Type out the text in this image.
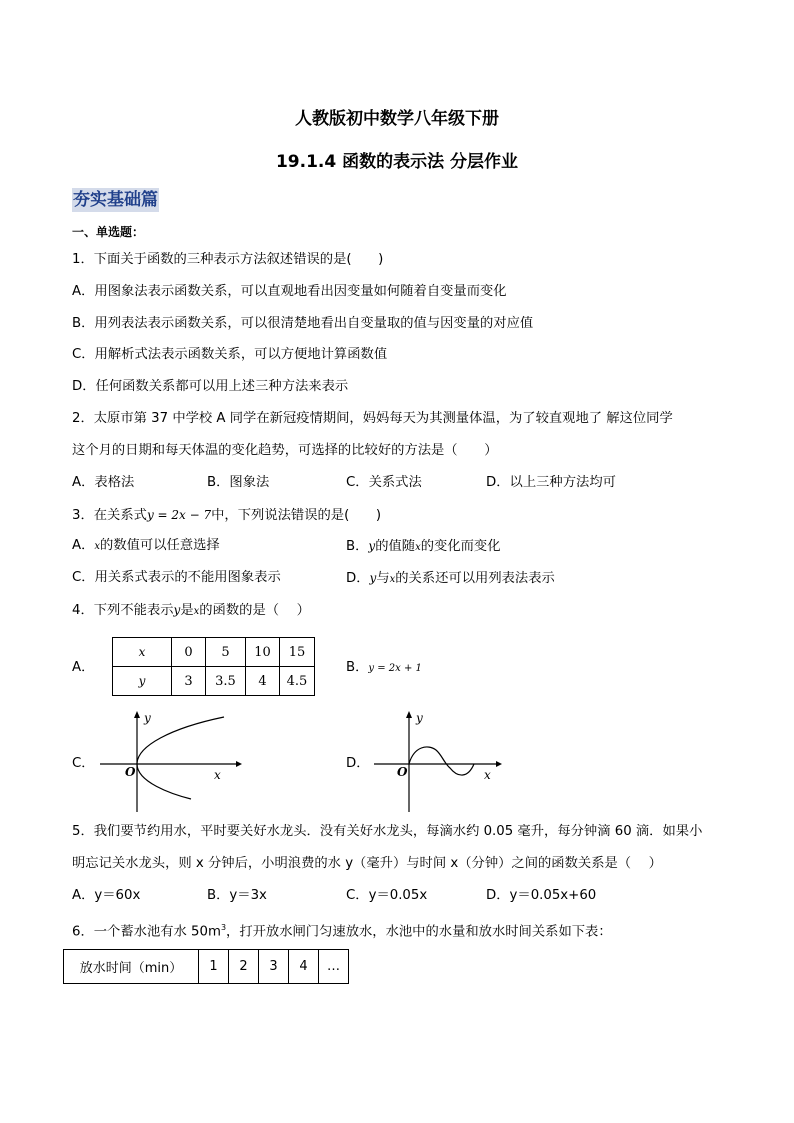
人教版初中数学八年级下册
19.1.4 函数的表示法 分层作业
夯实基础篇
一、单选题：
1．下面关于函数的三种表示方法叙述错误的是(　　)
A．用图象法表示函数关系，可以直观地看出因变量如何随着自变量而变化
B．用列表法表示函数关系，可以很清楚地看出自变量取的值与因变量的对应值
C．用解析式法表示函数关系，可以方便地计算函数值
D．任何函数关系都可以用上述三种方法来表示
2．太原市第 37 中学校 A 同学在新冠疫情期间，妈妈每天为其测量体温，为了较直观地了 解这位同学
这个月的日期和每天体温的变化趋势，可选择的比较好的方法是（　　）
A．表格法	B．图象法	C．关系式法	D．以上三种方法均可
3．在关系式y = 2x − 7中，下列说法错误的是(　　)
A．x的数值可以任意选择	B．y的值随x的变化而变化
C．用关系式表示的不能用图象表示	D．y与x的关系还可以用列表法表示
4．下列不能表示y是x的函数的是（　 ）
A．
x	0	5	10	15
y	3	3.5	4	4.5
B．y = 2x + 1
C．
y
x
O
D．
y
x
O
5．我们要节约用水，平时要关好水龙头．没有关好水龙头，每滴水约 0.05 毫升，每分钟滴 60 滴．如果小
明忘记关水龙头，则 x 分钟后，小明浪费的水 y（毫升）与时间 x（分钟）之间的函数关系是（　 ）
A．y＝60x	B．y＝3x	C．y＝0.05x	D．y＝0.05x+60
6．一个蓄水池有水 $50m^3$，打开放水闸门匀速放水，水池中的水量和放水时间关系如下表：
放水时间（min）	1	2	3	4	…
